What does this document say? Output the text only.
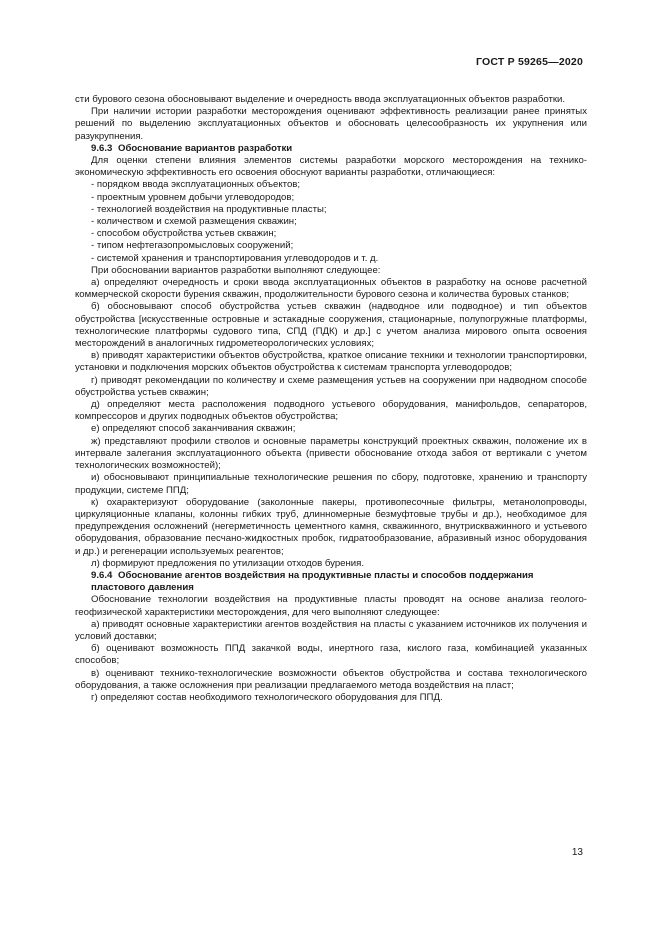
ГОСТ Р 59265—2020

сти бурового сезона обосновывают выделение и очередность ввода эксплуатационных объектов разработки.

При наличии истории разработки месторождения оценивают эффективность реализации ранее принятых решений по выделению эксплуатационных объектов и обосновать целесообразность их укрупнения или разукрупнения.

9.6.3 Обоснование вариантов разработки

Для оценки степени влияния элементов системы разработки морского месторождения на технико-экономическую эффективность его освоения обоснуют варианты разработки, отличающиеся:

- порядком ввода эксплуатационных объектов;
- проектным уровнем добычи углеводородов;
- технологией воздействия на продуктивные пласты;
- количеством и схемой размещения скважин;
- способом обустройства устьев скважин;
- типом нефтегазопромысловых сооружений;
- системой хранения и транспортирования углеводородов и т. д.

При обосновании вариантов разработки выполняют следующее:

а) определяют очередность и сроки ввода эксплуатационных объектов в разработку на основе расчетной коммерческой скорости бурения скважин, продолжительности бурового сезона и количества буровых станков;

б) обосновывают способ обустройства устьев скважин (надводное или подводное) и тип объектов обустройства [искусственные островные и эстакадные сооружения, стационарные, полупогружные платформы, технологические платформы судового типа, СПД (ПДК) и др.] с учетом анализа мирового опыта освоения месторождений в аналогичных гидрометеорологических условиях;

в) приводят характеристики объектов обустройства, краткое описание техники и технологии транспортировки, установки и подключения морских объектов обустройства к системам транспорта углеводородов;

г) приводят рекомендации по количеству и схеме размещения устьев на сооружении при надводном способе обустройства устьев скважин;

д) определяют места расположения подводного устьевого оборудования, манифольдов, сепараторов, компрессоров и других подводных объектов обустройства;

е) определяют способ заканчивания скважин;

ж) представляют профили стволов и основные параметры конструкций проектных скважин, положение их в интервале залегания эксплуатационного объекта (привести обоснование отхода забоя от вертикали с учетом технологических возможностей);

и) обосновывают принципиальные технологические решения по сбору, подготовке, хранению и транспорту продукции, системе ППД;

к) охарактеризуют оборудование (заколонные пакеры, противопесочные фильтры, метанолопроводы, циркуляционные клапаны, колонны гибких труб, длинномерные безмуфтовые трубы и др.), необходимое для предупреждения осложнений (негерметичность цементного камня, скважинного, внутрискважинного и устьевого оборудования, образование песчано-жидкостных пробок, гидратообразование, абразивный износ оборудования и др.) и регенерации используемых реагентов;

л) формируют предложения по утилизации отходов бурения.

9.6.4 Обоснование агентов воздействия на продуктивные пласты и способов поддержания пластового давления

Обоснование технологии воздействия на продуктивные пласты проводят на основе анализа геолого-геофизической характеристики месторождения, для чего выполняют следующее:

а) приводят основные характеристики агентов воздействия на пласты с указанием источников их получения и условий доставки;

б) оценивают возможность ППД закачкой воды, инертного газа, кислого газа, комбинацией указанных способов;

в) оценивают технико-технологические возможности объектов обустройства и состава технологического оборудования, а также осложнения при реализации предлагаемого метода воздействия на пласт;

г) определяют состав необходимого технологического оборудования для ППД.

13
